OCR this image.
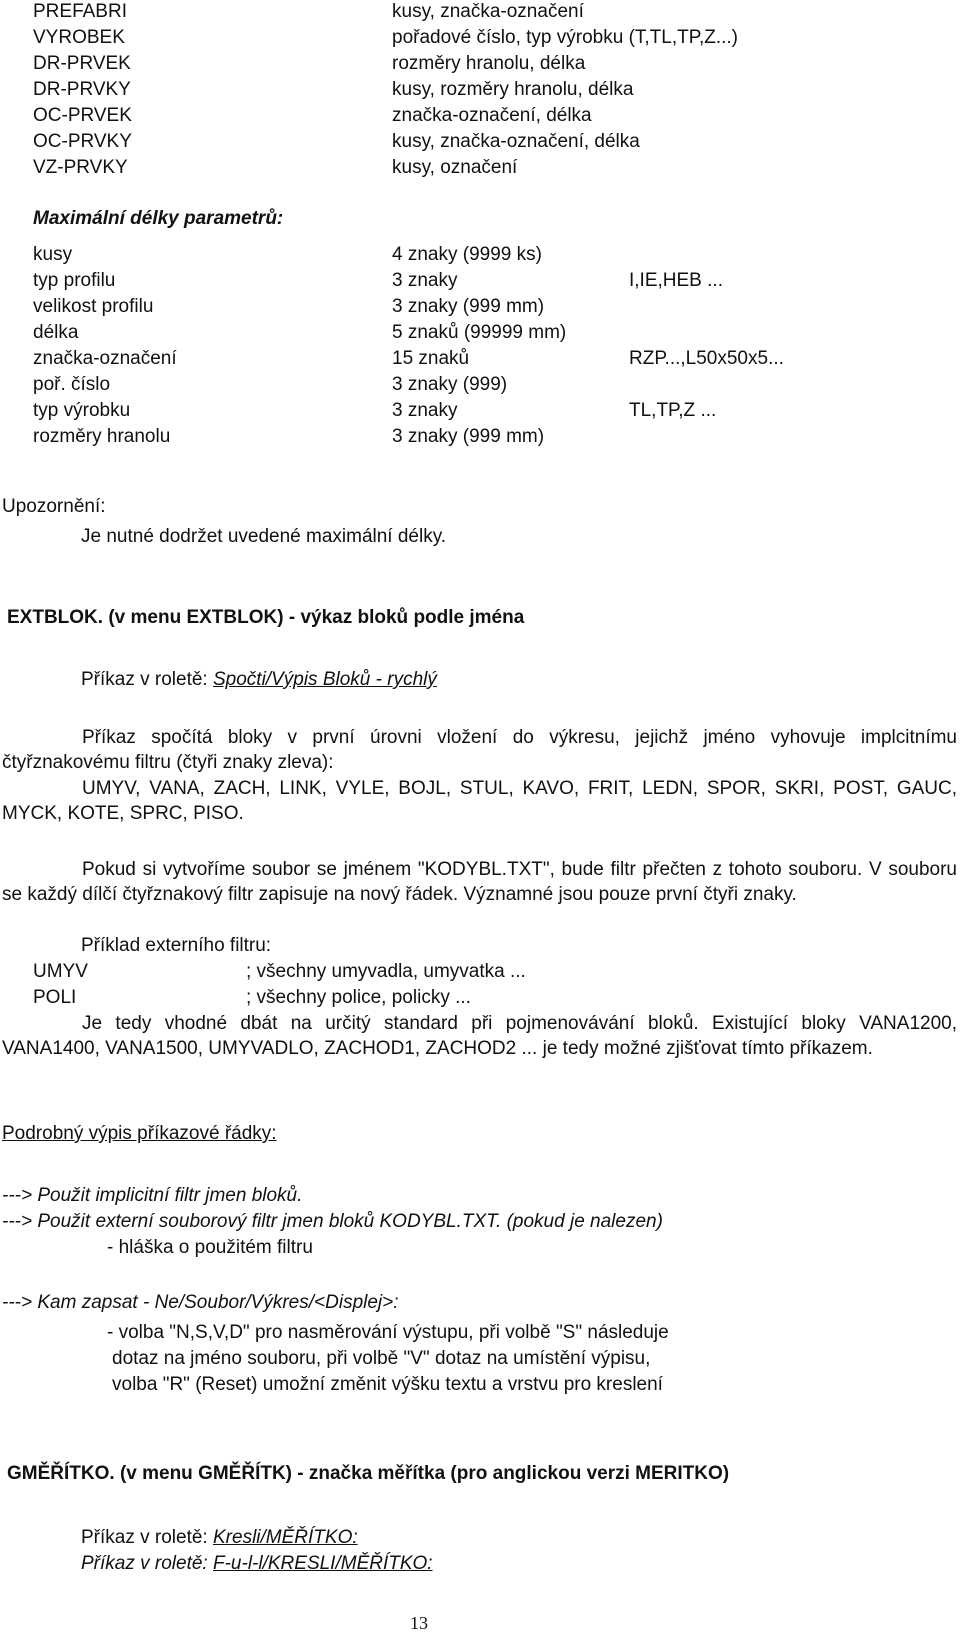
PREFABRI	kusy, značka-označení
VYROBEK	pořadové číslo, typ výrobku (T,TL,TP,Z...)
DR-PRVEK	rozměry hranolu, délka
DR-PRVKY	kusy, rozměry hranolu, délka
OC-PRVEK	značka-označení, délka
OC-PRVKY	kusy, značka-označení, délka
VZ-PRVKY	kusy, označení
Maximální délky parametrů:
kusy	4 znaky (9999 ks)
typ profilu	3 znaky	I,IE,HEB ...
velikost profilu	3 znaky (999 mm)
délka	5 znaků (99999 mm)
značka-označení	15 znaků	RZP...,L50x50x5...
poř. číslo	3 znaky (999)
typ výrobku	3 znaky	TL,TP,Z ...
rozměry hranolu	3 znaky (999 mm)
Upozornění:
Je nutné dodržet uvedené maximální délky.
EXTBLOK. (v menu EXTBLOK) - výkaz bloků podle jména
Příkaz v roletě: Spočti/Výpis Bloků - rychlý
Příkaz spočítá bloky v první úrovni vložení do výkresu, jejichž jméno vyhovuje implcitnímu čtyřznakovému filtru (čtyři znaky zleva):
UMYV, VANA, ZACH, LINK, VYLE, BOJL, STUL, KAVO, FRIT, LEDN, SPOR, SKRI, POST, GAUC, MYCK, KOTE, SPRC, PISO.
Pokud si vytvoříme soubor se jménem "KODYBL.TXT", bude filtr přečten z tohoto souboru. V souboru se každý dílčí čtyřznakový filtr zapisuje na nový řádek. Významné jsou pouze první čtyři znaky.
Příklad externího filtru:
UMYV	; všechny umyvadla, umyvatka ...
POLI	; všechny police, policky ...
Je tedy vhodné dbát na určitý standard při pojmenovávání bloků. Existující bloky VANA1200, VANA1400, VANA1500, UMYVADLO, ZACHOD1, ZACHOD2 ... je tedy možné zjišťovat tímto příkazem.
Podrobný výpis příkazové řádky:
---> Použit implicitní filtr jmen bloků.
---> Použit externí souborový filtr jmen bloků KODYBL.TXT. (pokud je nalezen)
- hláška o použitém filtru
---> Kam zapsat - Ne/Soubor/Výkres/<Displej>:
- volba "N,S,V,D" pro nasměrování výstupu, při volbě "S" následuje
dotaz na jméno souboru, při volbě "V" dotaz na umístění výpisu,
volba "R" (Reset) umožní změnit výšku textu a vrstvu pro kreslení
GMĚŘÍTKO. (v menu GMĚŘÍTK) - značka měřítka (pro anglickou verzi MERITKO)
Příkaz v roletě: Kresli/MĚŘÍTKO:
Příkaz v roletě: F-u-l-l/KRESLI/MĚŘÍTKO:
13
